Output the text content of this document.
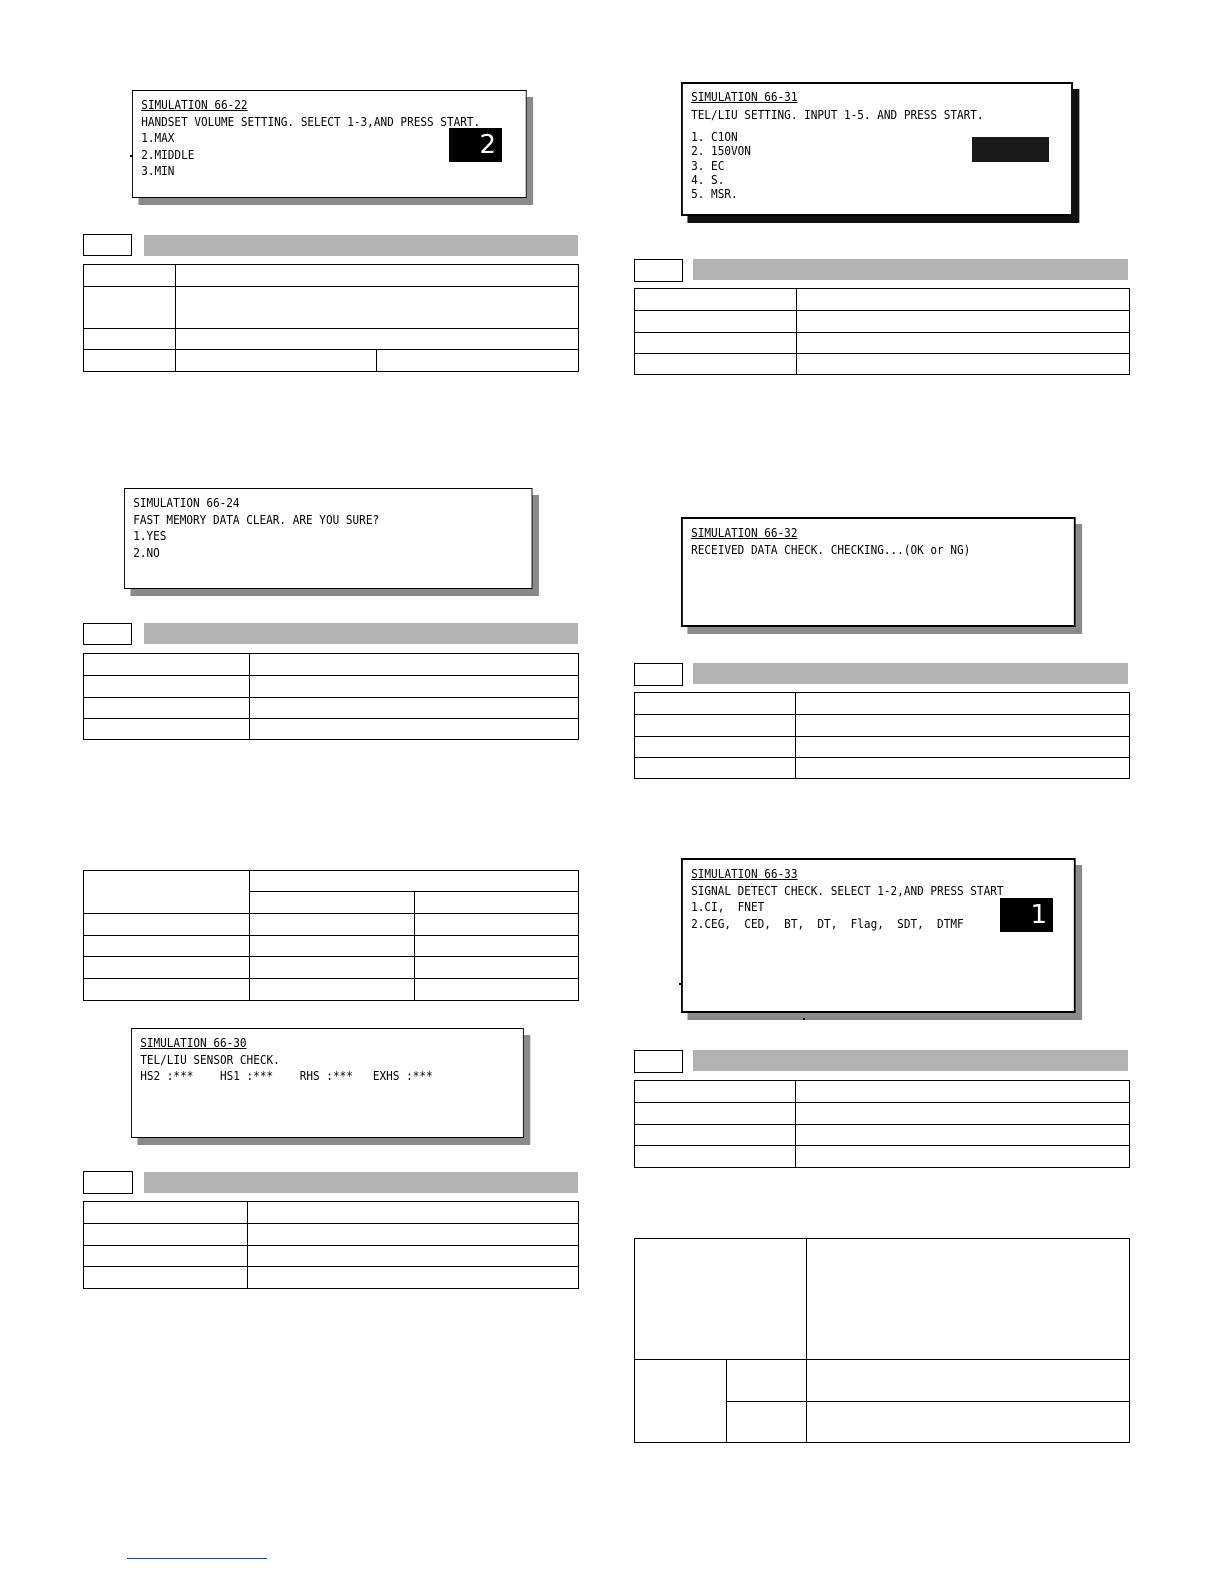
SIMULATION 66-22
HANDSET VOLUME SETTING. SELECT 1-3,AND PRESS START.
1.MAX
2.MIDDLE
3.MIN
2

SIMULATION 66-24
FAST MEMORY DATA CLEAR. ARE YOU SURE?
1.YES
2.NO

SIMULATION 66-30
TEL/LIU SENSOR CHECK.
HS2 :***    HS1 :***    RHS :***   EXHS :***

SIMULATION 66-31
TEL/LIU SETTING. INPUT 1-5. AND PRESS START.
1. C1ON
2. 150VON
3. EC
4. S.
5. MSR.

SIMULATION 66-32
RECEIVED DATA CHECK. CHECKING...(OK or NG)

SIMULATION 66-33
SIGNAL DETECT CHECK. SELECT 1-2,AND PRESS START
1.CI,  FNET
2.CEG,  CED,  BT,  DT,  Flag,  SDT,  DTMF	1
